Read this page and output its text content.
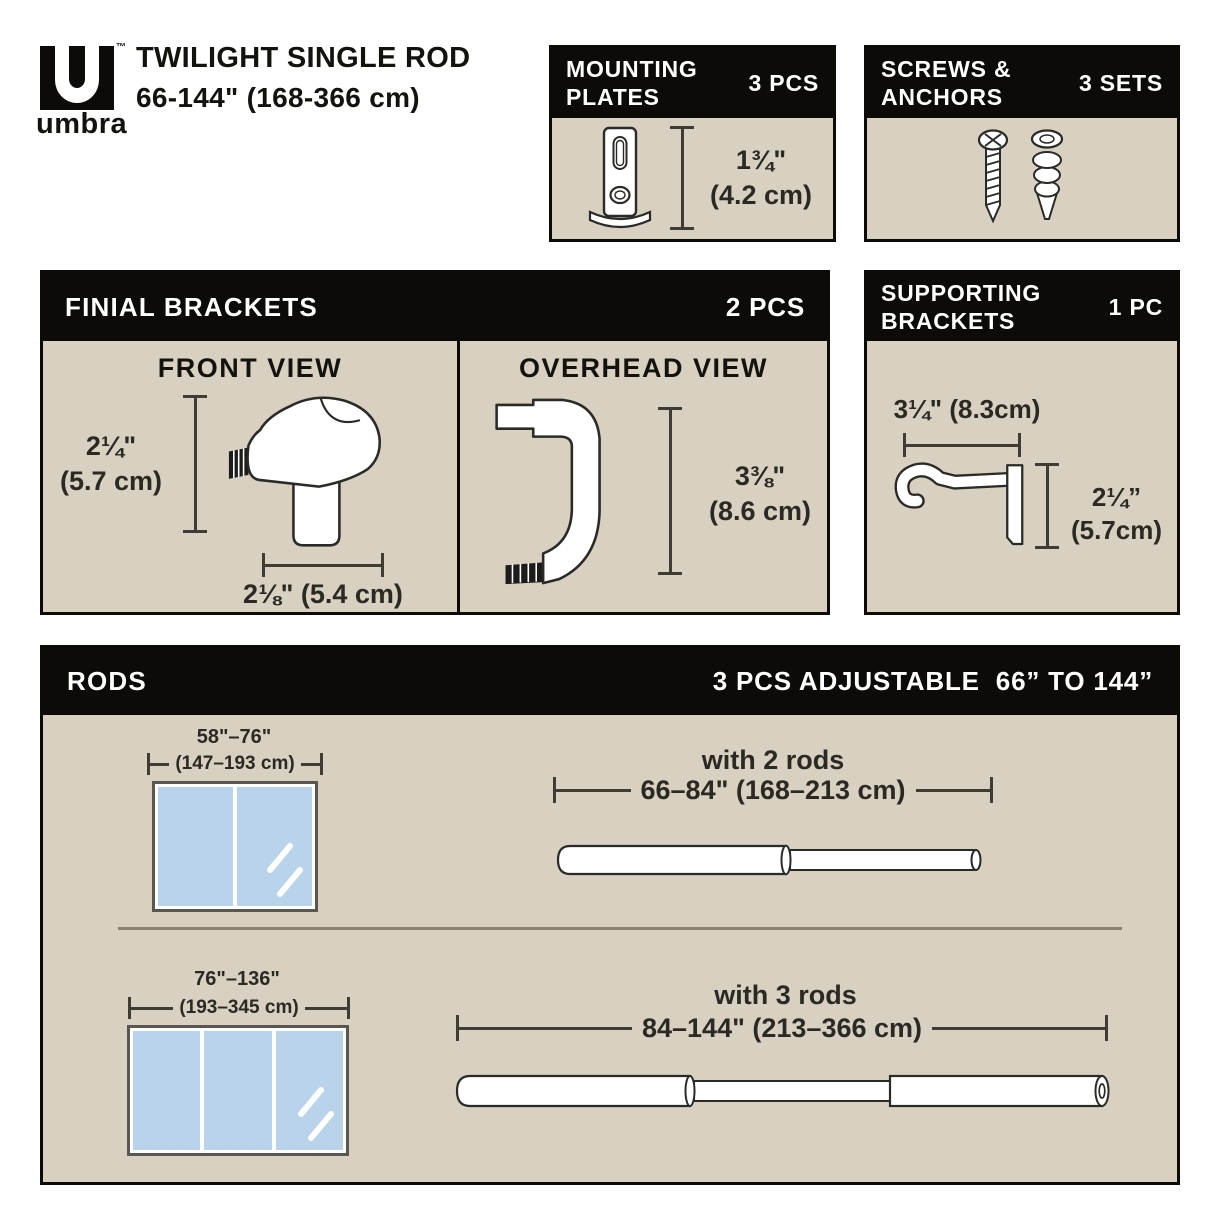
™
umbra
TWILIGHT SINGLE ROD
66-144" (168-366 cm)
MOUNTING
PLATES
3 PCS
1¾"
(4.2 cm)
SCREWS &
ANCHORS
3 SETS
FINIAL BRACKETS	2 PCS
FRONT VIEW
2¼"
(5.7 cm)
2⅛" (5.4 cm)
OVERHEAD VIEW
3⅜"
(8.6 cm)
SUPPORTING
BRACKETS
1 PC
3¼" (8.3cm)
2¼”
(5.7cm)
RODS	3 PCS ADJUSTABLE  66” TO 144”
58"–76"
(147–193 cm)	with 2 rods
66–84" (168–213 cm)
76"–136"
(193–345 cm)	with 3 rods
84–144" (213–366 cm)
